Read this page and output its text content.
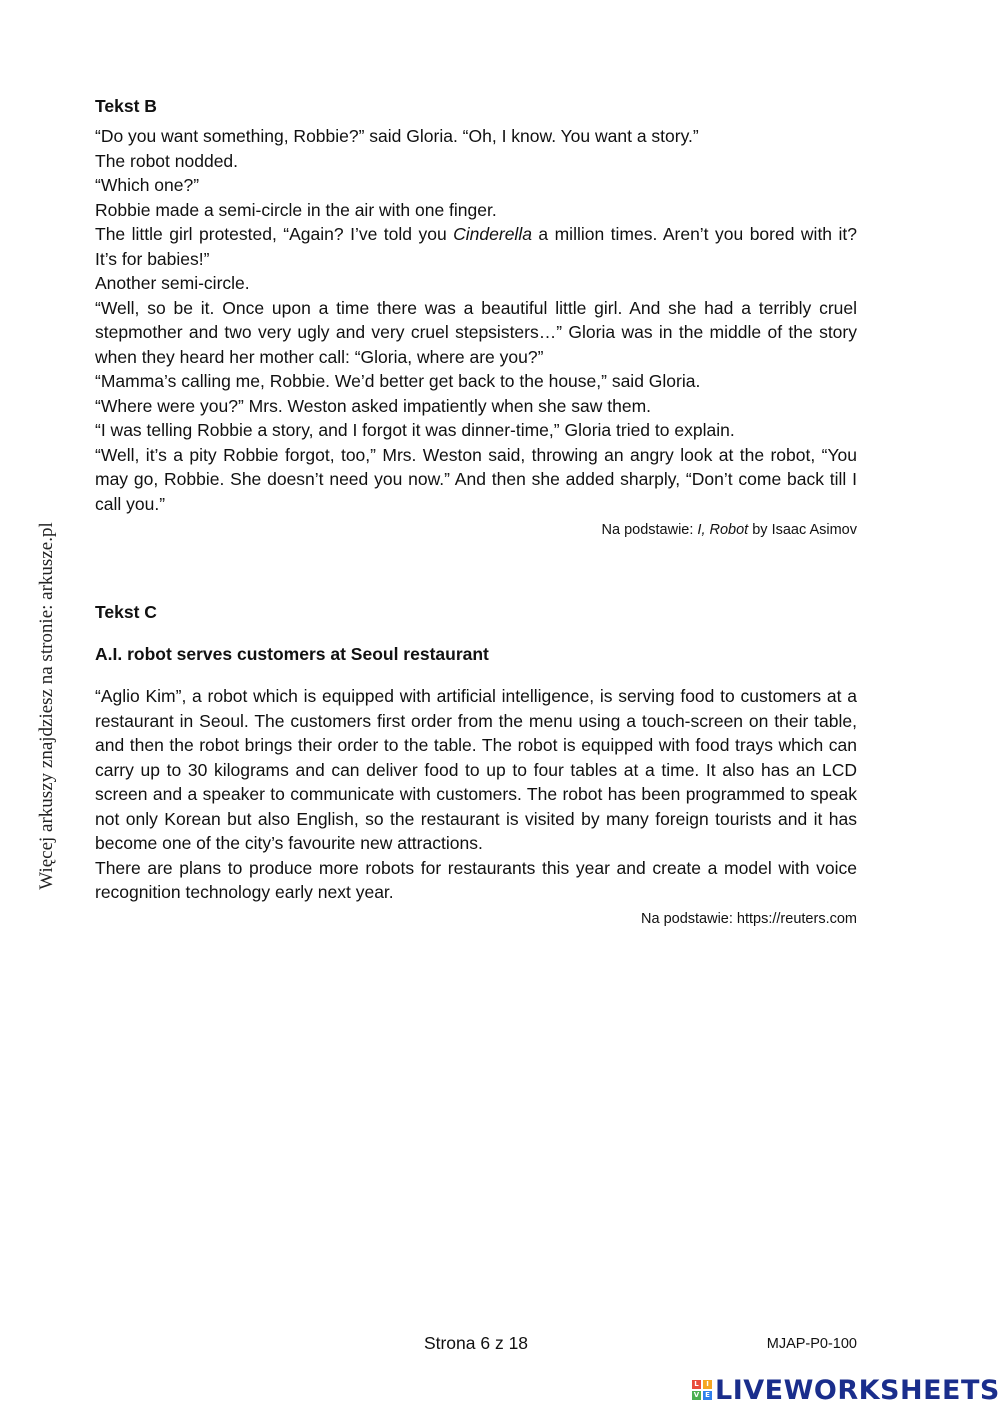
Więcej arkuszy znajdziesz na stronie: arkusze.pl

Tekst B

“Do you want something, Robbie?” said Gloria. “Oh, I know. You want a story.”

The robot nodded.

“Which one?”

Robbie made a semi-circle in the air with one finger.

The little girl protested, “Again? I’ve told you Cinderella a million times. Aren’t you bored with it? It’s for babies!”

Another semi-circle.

“Well, so be it. Once upon a time there was a beautiful little girl. And she had a terribly cruel stepmother and two very ugly and very cruel stepsisters…” Gloria was in the middle of the story when they heard her mother call: “Gloria, where are you?”

“Mamma’s calling me, Robbie. We’d better get back to the house,” said Gloria.

“Where were you?” Mrs. Weston asked impatiently when she saw them.

“I was telling Robbie a story, and I forgot it was dinner-time,” Gloria tried to explain.

“Well, it’s a pity Robbie forgot, too,” Mrs. Weston said, throwing an angry look at the robot, “You may go, Robbie. She doesn’t need you now.” And then she added sharply, “Don’t come back till I call you.”

Na podstawie: I, Robot by Isaac Asimov

Tekst C

A.I. robot serves customers at Seoul restaurant

“Aglio Kim”, a robot which is equipped with artificial intelligence, is serving food to customers at a restaurant in Seoul. The customers first order from the menu using a touch-screen on their table, and then the robot brings their order to the table. The robot is equipped with food trays which can carry up to 30 kilograms and can deliver food to up to four tables at a time. It also has an LCD screen and a speaker to communicate with customers. The robot has been programmed to speak not only Korean but also English, so the restaurant is visited by many foreign tourists and it has become one of the city’s favourite new attractions.

There are plans to produce more robots for restaurants this year and create a model with voice recognition technology early next year.

Na podstawie: https://reuters.com

Strona 6 z 18	MJAP-P0-100
L	I
V E LIVEWORKSHEETS
